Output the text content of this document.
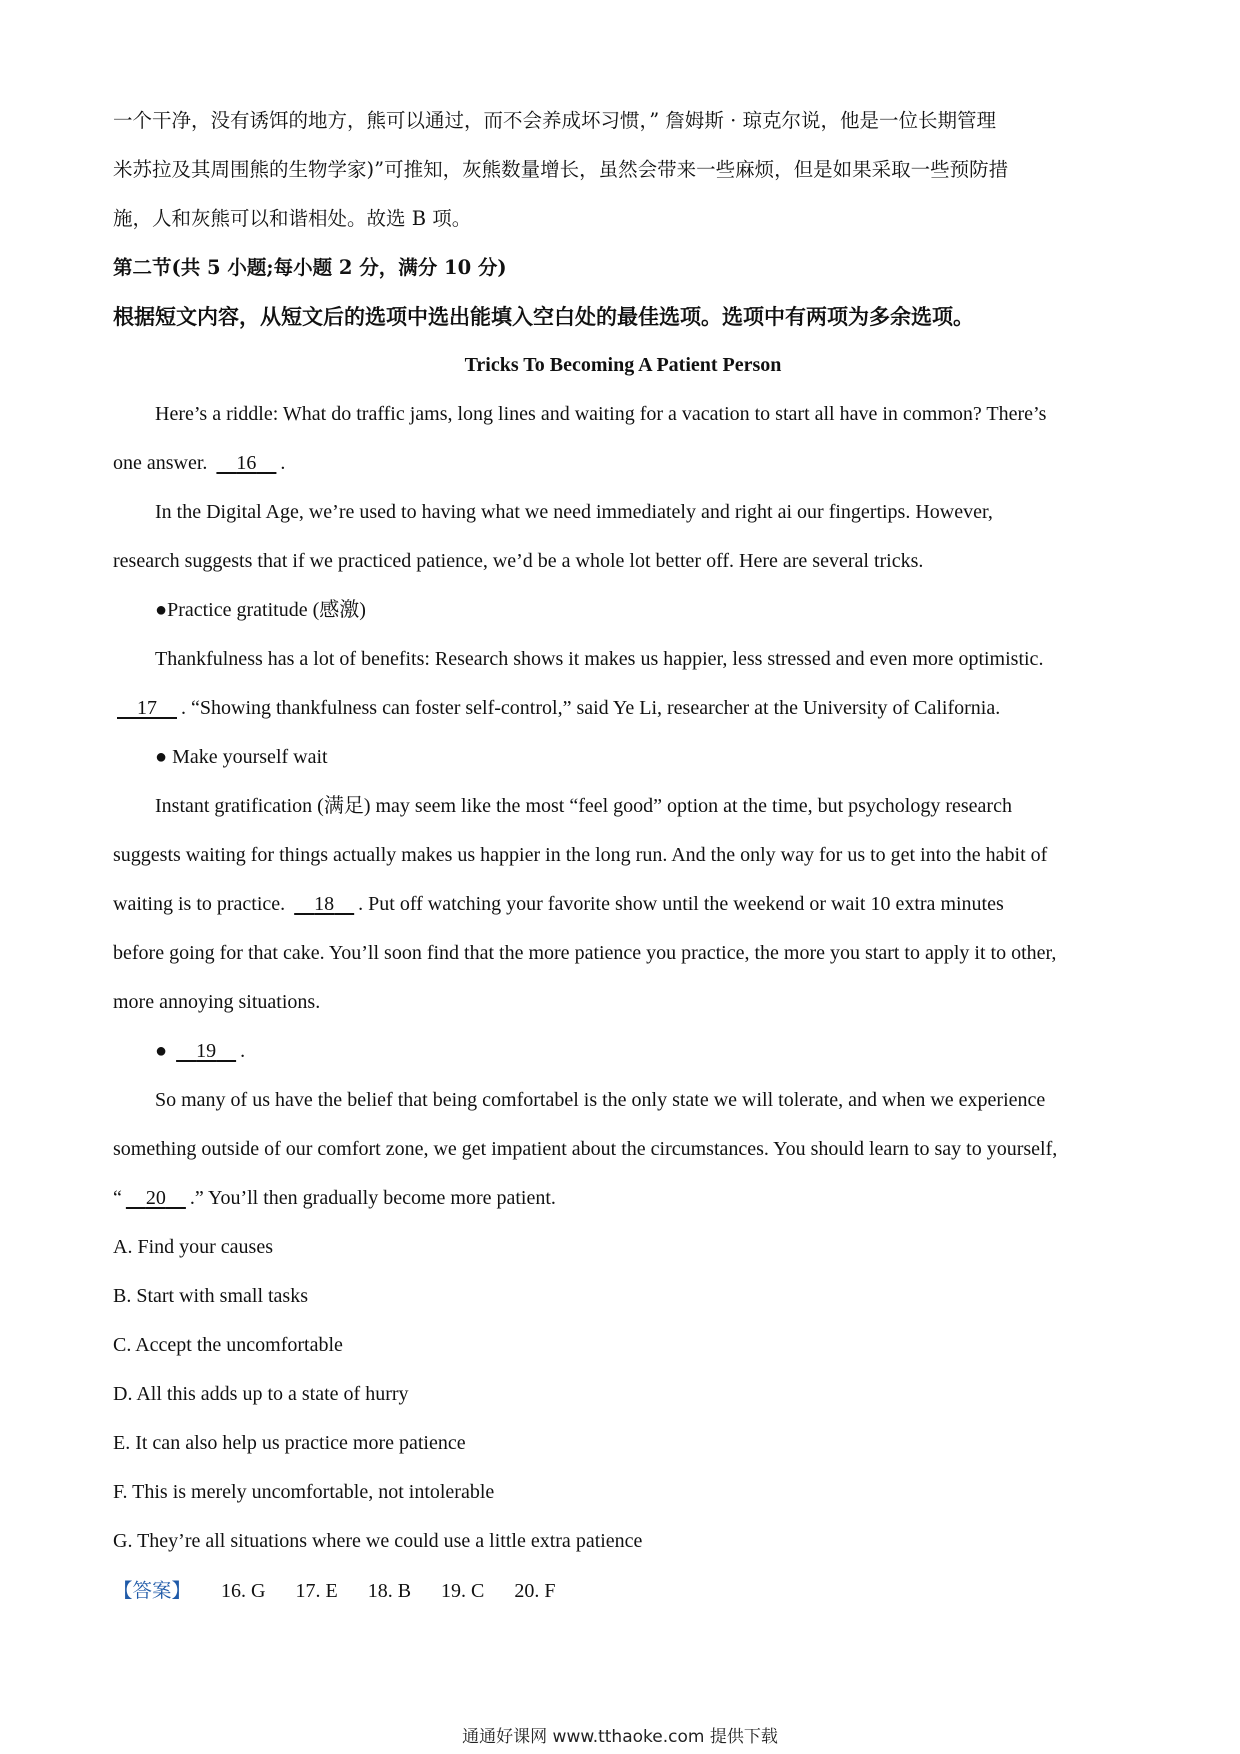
一个干净，没有诱饵的地方，熊可以通过，而不会养成坏习惯，” 詹姆斯 · 琼克尔说，他是一位长期管理
米苏拉及其周围熊的生物学家)”可推知，灰熊数量增长，虽然会带来一些麻烦，但是如果采取一些预防措
施，人和灰熊可以和谐相处。故选 B 项。
第二节(共 5 小题;每小题 2 分，满分 10 分)
根据短文内容，从短文后的选项中选出能填入空白处的最佳选项。选项中有两项为多余选项。
Tricks To Becoming A Patient Person
Here’s a riddle: What do traffic jams, long lines and waiting for a vacation to start all have in common? There’s
one answer. 16 .
In the Digital Age, we’re used to having what we need immediately and right ai our fingertips. However,
research suggests that if we practiced patience, we’d be a whole lot better off. Here are several tricks.
●Practice gratitude (感激)
Thankfulness has a lot of benefits: Research shows it makes us happier, less stressed and even more optimistic.
17 . “Showing thankfulness can foster self-control,” said Ye Li, researcher at the University of California.
● Make yourself wait
Instant gratification (满足) may seem like the most “feel good” option at the time, but psychology research
suggests waiting for things actually makes us happier in the long run. And the only way for us to get into the habit of
waiting is to practice. 18 . Put off watching your favorite show until the weekend or wait 10 extra minutes
before going for that cake. You’ll soon find that the more patience you practice, the more you start to apply it to other,
more annoying situations.
● 19 .
So many of us have the belief that being comfortabel is the only state we will tolerate, and when we experience
something outside of our comfort zone, we get impatient about the circumstances. You should learn to say to yourself,
“ 20 .” You’ll then gradually become more patient.
A. Find your causes
B. Start with small tasks
C. Accept the uncomfortable
D. All this adds up to a state of hurry
E. It can also help us practice more patience
F. This is merely uncomfortable, not intolerable
G. They’re all situations where we could use a little extra patience
【答案】 16. G 17. E 18. B 19. C 20. F
通通好课网 www.tthaoke.com 提供下载
